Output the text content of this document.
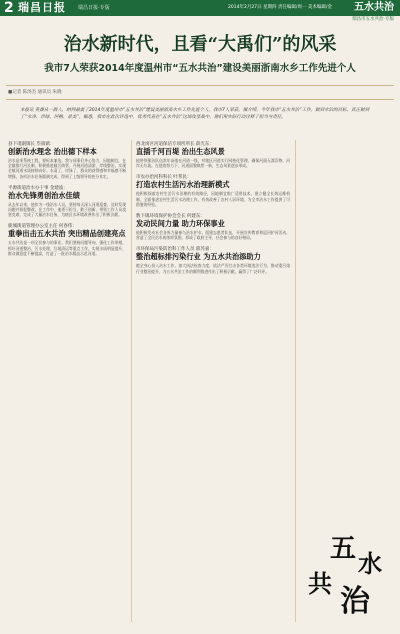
2 瑞昌日报 瑞昌日报·专版	2014年2月27日 星期四 责任编辑/周一 美术编辑/金 五水共治
瑞昌市五水共治·专版
治水新时代，且看“大禹们”的风采
我市7人荣获2014年度温州市“五水共治”建设美丽浙南水乡工作先进个人
■记者 陈汤杰 通讯员 朱晓
本报讯 英雄从一群人，纳得最震了2014年度温州市“五水共治”建设美丽浙南水乡工作先进个人，我市7人荣获。据介绍，今年我市“五水共治”工作，做到水治的目标，真正做到了“水净、岸绿、河畅、景美”。据悉，我市在此次评选中，优秀代表在“五水共治”这场攻坚战中，他们用实际行动诠释了担当与责任。
县下诸副镇长 毕镇镇：
创新治水理念 治出德下样本
治水是项系统工程，要标本兼治。我与同事们齐心协力，因地制宜，在全镇推行河长制，积极推进截污纳管，开展河道清淤、岸线整治，实现全镇河道水质持续向好。水清了，岸绿了，群众的获得感和幸福感不断增强，各项治水任务圆满完成，得到了上级领导的充分肯定。
平源街道治水办干事 金建波：
治水先锋勇创治水佳绩
从去年以来，他作为一线治水人员，坚持每天深入河道巡查，及时发现问题并督促整改。在工作中，他勇于担当，敢于创新，带领工作人员攻坚克难，完成了大量治水任务，为辖区水环境改善作出了积极贡献。
鹿城街道管理办公室主任 何春伟：
重拳出击五水共治 突出精品创建亮点
五水共治是一项全民参与的事业。我们坚持问题导向，强化工作举措，抓好河道整治、污水处理、垃圾清运等重点工作，实现水质明显提升，群众满意度不断提高，打造了一批治水精品示范河道。
西北岗区河道保洁专项所所长 薛光东：
直插千河百堤 治出生态风景
他带领保洁队伍常年奋战在河道一线，对辖区河道实行网格化管理，确保河面无漂浮物、河岸无垃圾。在他的努力下，河道面貌焕然一新，生态风景逐步形成。
市农办治河科科长 叶邦民：
打造农村生活污水治理新模式
他积极探索农村生活污水治理的有效路径，因地制宜推广适用技术，建立健全长效运维机制，全面推进农村生活污水治理工作，有效改善了农村人居环境，为全市治水工作提供了可借鉴的经验。
数下镇环境保护协会会长 何建东：
发动民间力量 助力环保事业
他积极发动社会各界力量参与治水护水，组建志愿者队伍，开展宣传教育和巡河护河活动，营造了全民治水的浓厚氛围，形成了政府主导、社会参与的良好格局。
市环保局污染防治科工作人员 薛苏嘉：
整治超标排污染行业 为五水共治添助力
她全身心投入治水工作，加大执法检查力度，依法严厉打击各类环境违法行为，推动重污染行业整治提升，为五水共治工作的顺利推进作出了积极贡献，赢得了广泛好评。
五 水
共
治
